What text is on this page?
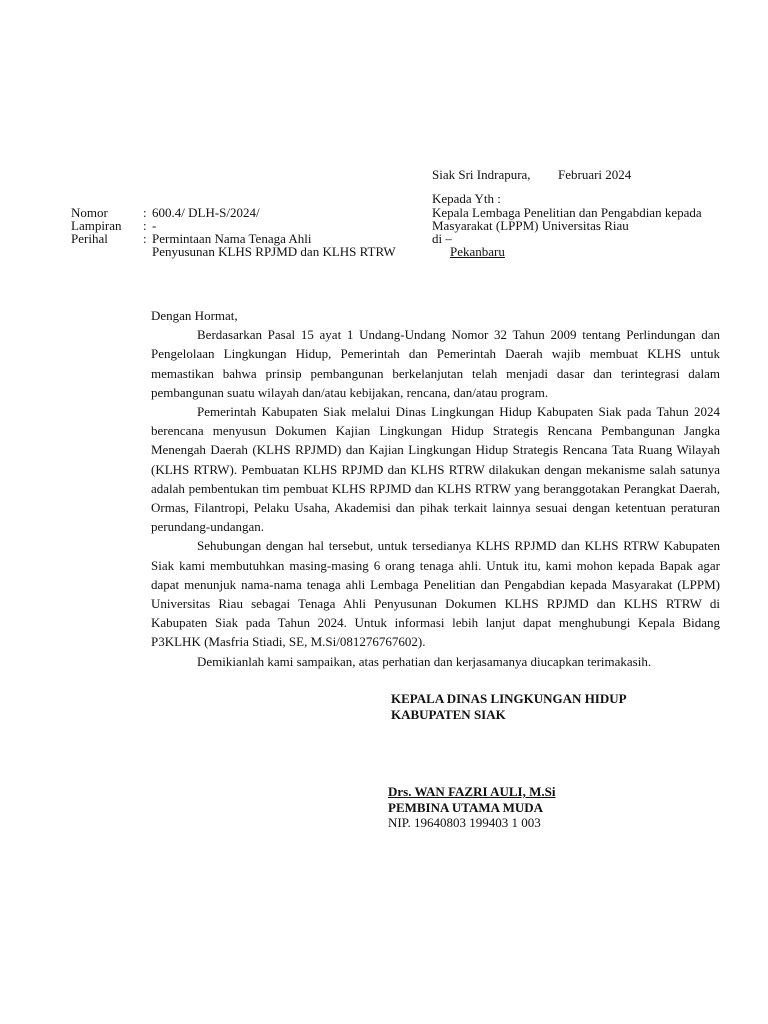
Siak Sri Indrapura, Februari 2024
Kepada Yth :
Kepala Lembaga Penelitian dan Pengabdian kepada
Masyarakat (LPPM) Universitas Riau
di –
Pekanbaru
Nomor	: 600.4/ DLH-S/2024/
Lampiran : -
Perihal	: Permintaan Nama Tenaga Ahli
Penyusunan KLHS RPJMD dan KLHS RTRW

Dengan Hormat,

Berdasarkan Pasal 15 ayat 1 Undang-Undang Nomor 32 Tahun 2009 tentang Perlindungan dan Pengelolaan Lingkungan Hidup, Pemerintah dan Pemerintah Daerah wajib membuat KLHS untuk memastikan bahwa prinsip pembangunan berkelanjutan telah menjadi dasar dan terintegrasi dalam pembangunan suatu wilayah dan/atau kebijakan, rencana, dan/atau program.

Pemerintah Kabupaten Siak melalui Dinas Lingkungan Hidup Kabupaten Siak pada Tahun 2024 berencana menyusun Dokumen Kajian Lingkungan Hidup Strategis Rencana Pembangunan Jangka Menengah Daerah (KLHS RPJMD) dan Kajian Lingkungan Hidup Strategis Rencana Tata Ruang Wilayah (KLHS RTRW). Pembuatan KLHS RPJMD dan KLHS RTRW dilakukan dengan mekanisme salah satunya adalah pembentukan tim pembuat KLHS RPJMD dan KLHS RTRW yang beranggotakan Perangkat Daerah, Ormas, Filantropi, Pelaku Usaha, Akademisi dan pihak terkait lainnya sesuai dengan ketentuan peraturan perundang-undangan.

Sehubungan dengan hal tersebut, untuk tersedianya KLHS RPJMD dan KLHS RTRW Kabupaten Siak kami membutuhkan masing-masing 6 orang tenaga ahli. Untuk itu, kami mohon kepada Bapak agar dapat menunjuk nama-nama tenaga ahli Lembaga Penelitian dan Pengabdian kepada Masyarakat (LPPM) Universitas Riau sebagai Tenaga Ahli Penyusunan Dokumen KLHS RPJMD dan KLHS RTRW di Kabupaten Siak pada Tahun 2024. Untuk informasi lebih lanjut dapat menghubungi Kepala Bidang P3KLHK (Masfria Stiadi, SE, M.Si/081276767602).

Demikianlah kami sampaikan, atas perhatian dan kerjasamanya diucapkan terimakasih.

KEPALA DINAS LINGKUNGAN HIDUP
KABUPATEN SIAK
Drs. WAN FAZRI AULI, M.Si
PEMBINA UTAMA MUDA
NIP. 19640803 199403 1 003
